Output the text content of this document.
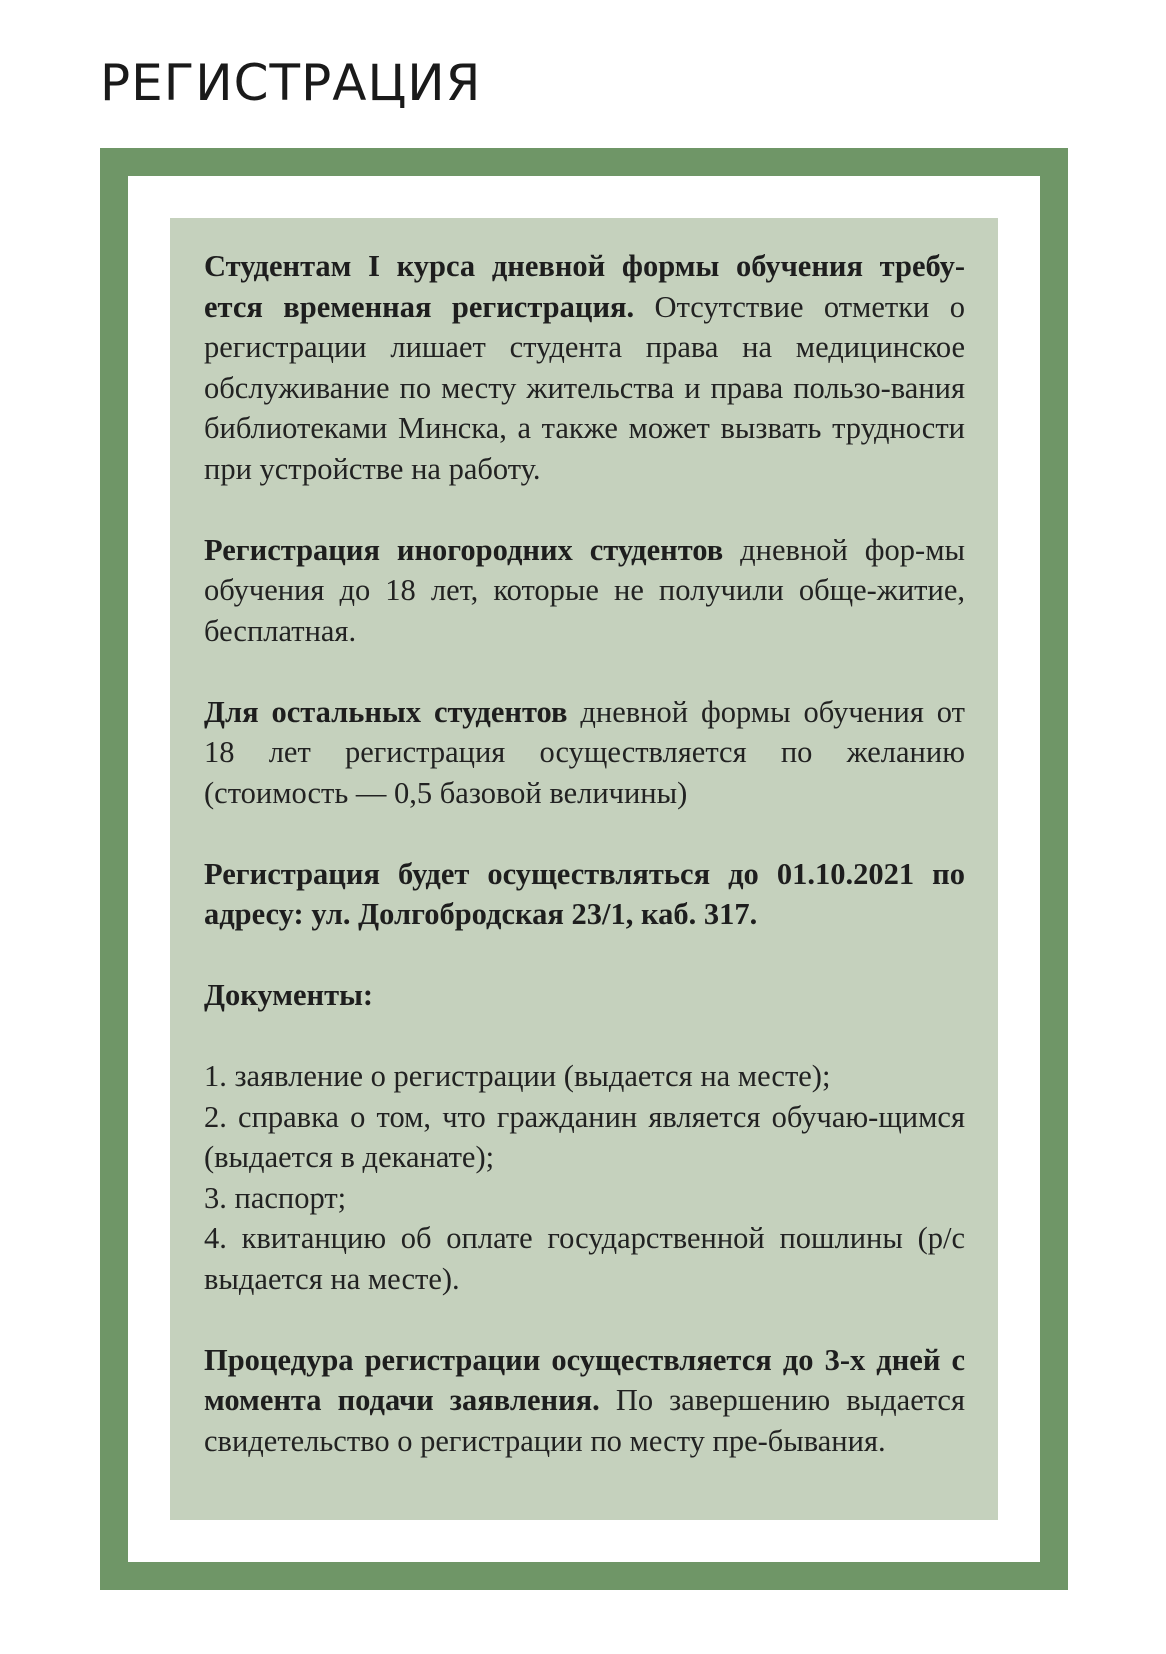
РЕГИСТРАЦИЯ

Студентам I курса дневной формы обучения требу-ется временная регистрация. Отсутствие отметки о регистрации лишает студента права на медицинское обслуживание по месту жительства и права пользо-вания библиотеками Минска, а также может вызвать трудности при устройстве на работу.

Регистрация иногородних студентов дневной фор-мы обучения до 18 лет, которые не получили обще-житие, бесплатная.

Для остальных студентов дневной формы обучения от 18 лет регистрация осуществляется по желанию (стоимость — 0,5 базовой величины)

Регистрация будет осуществляться до 01.10.2021 по адресу: ул. Долгобродская 23/1, каб. 317.

Документы:

1. заявление о регистрации (выдается на месте);
2. справка о том, что гражданин является обучаю-щимся (выдается в деканате);
3. паспорт;
4. квитанцию об оплате государственной пошлины (р/с выдается на месте).

Процедура регистрации осуществляется до 3-х дней с момента подачи заявления. По завершению выдается свидетельство о регистрации по месту пре-бывания.
